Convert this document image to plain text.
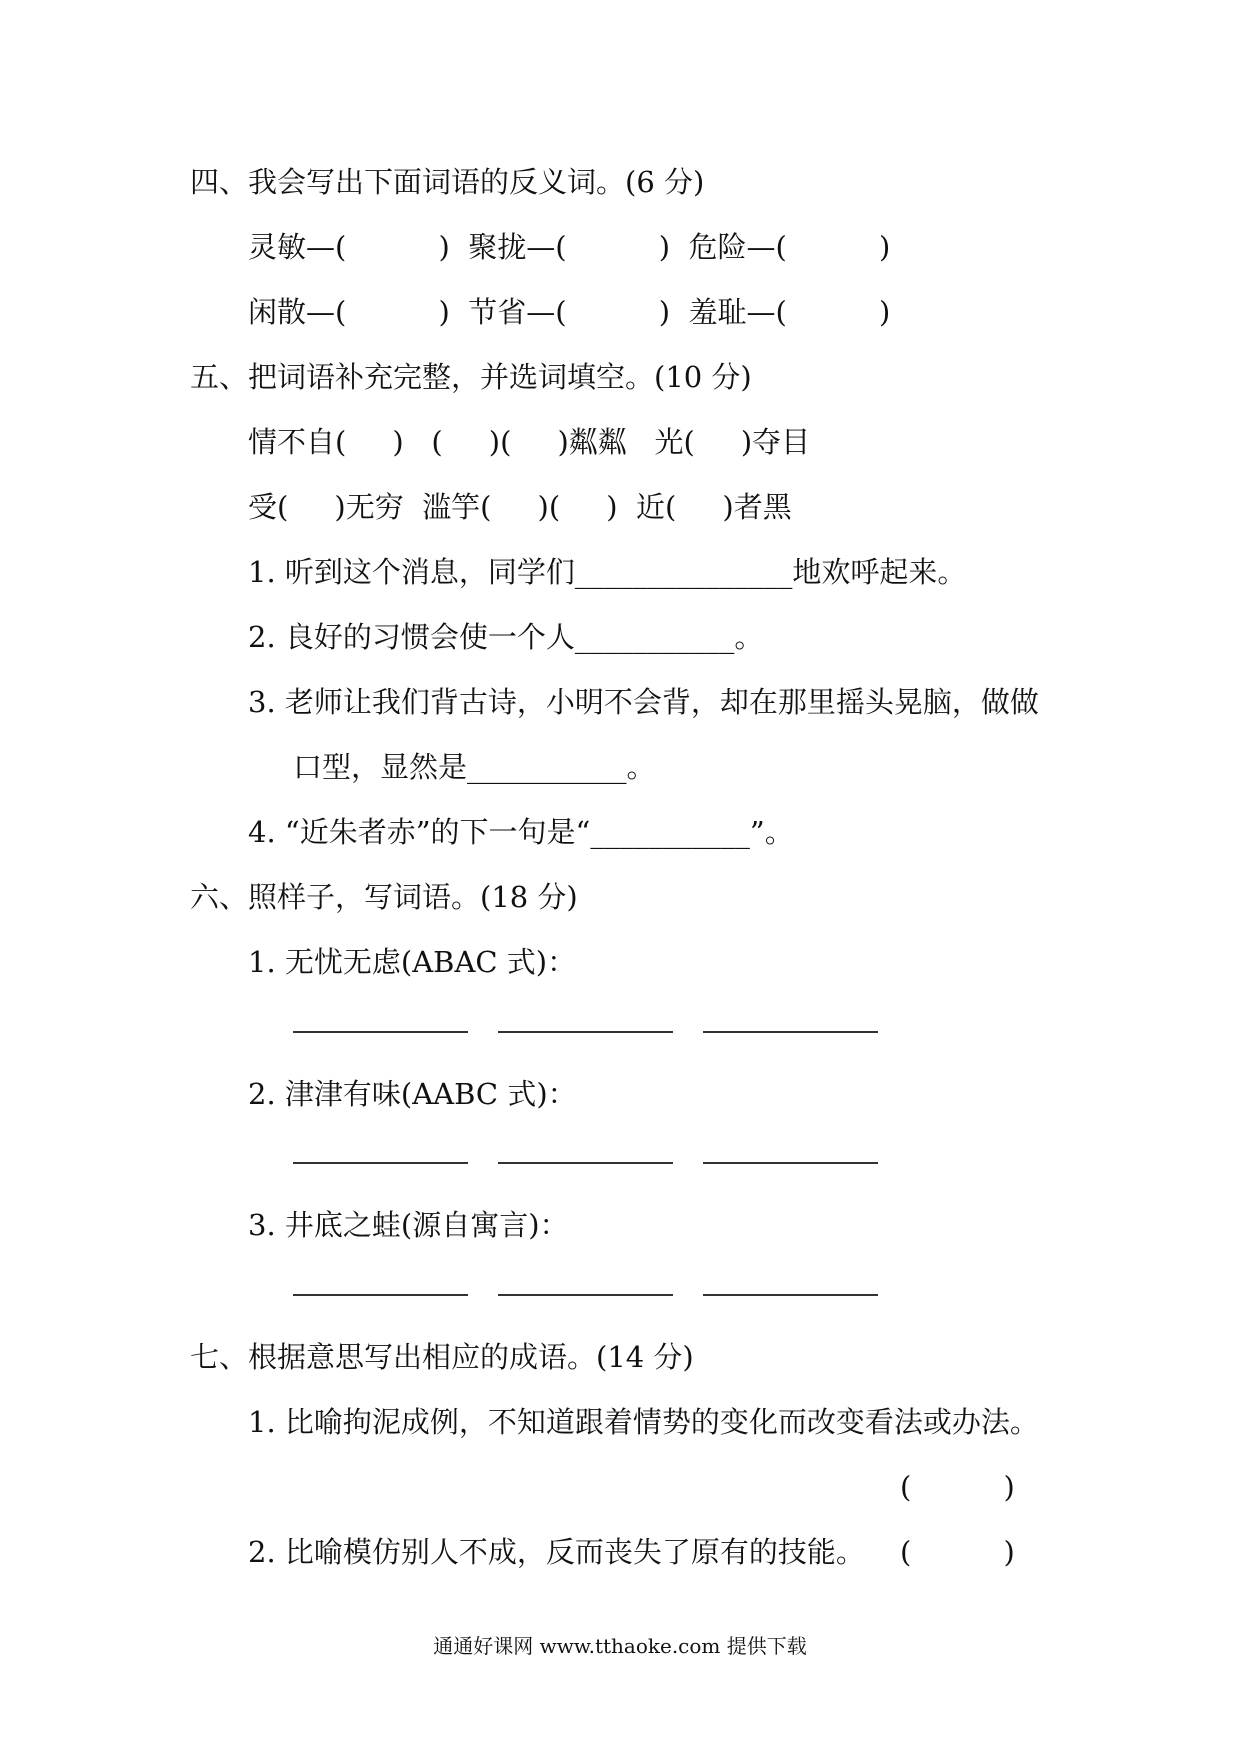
四、我会写出下面词语的反义词。(6 分)
灵敏—(          )  聚拢—(          )  危险—(          )
闲散—(          )  节省—(          )  羞耻—(          )
五、把词语补充完整，并选词填空。(10 分)
情不自(     )   (     )(     )粼粼   光(     )夺目
受(     )无穷  滥竽(     )(     )  近(     )者黑
1. 听到这个消息，同学们_______________地欢呼起来。
2. 良好的习惯会使一个人___________。
3. 老师让我们背古诗，小明不会背，却在那里摇头晃脑，做做
口型，显然是___________。
4. “近朱者赤”的下一句是“___________”。
六、照样子，写词语。(18 分)
1. 无忧无虑(ABAC 式)：
2. 津津有味(AABC 式)：
3. 井底之蛙(源自寓言)：
七、根据意思写出相应的成语。(14 分)
1. 比喻拘泥成例，不知道跟着情势的变化而改变看法或办法。
(          )
2. 比喻模仿别人不成，反而丧失了原有的技能。 (          )
通通好课网 www.tthaoke.com 提供下载
